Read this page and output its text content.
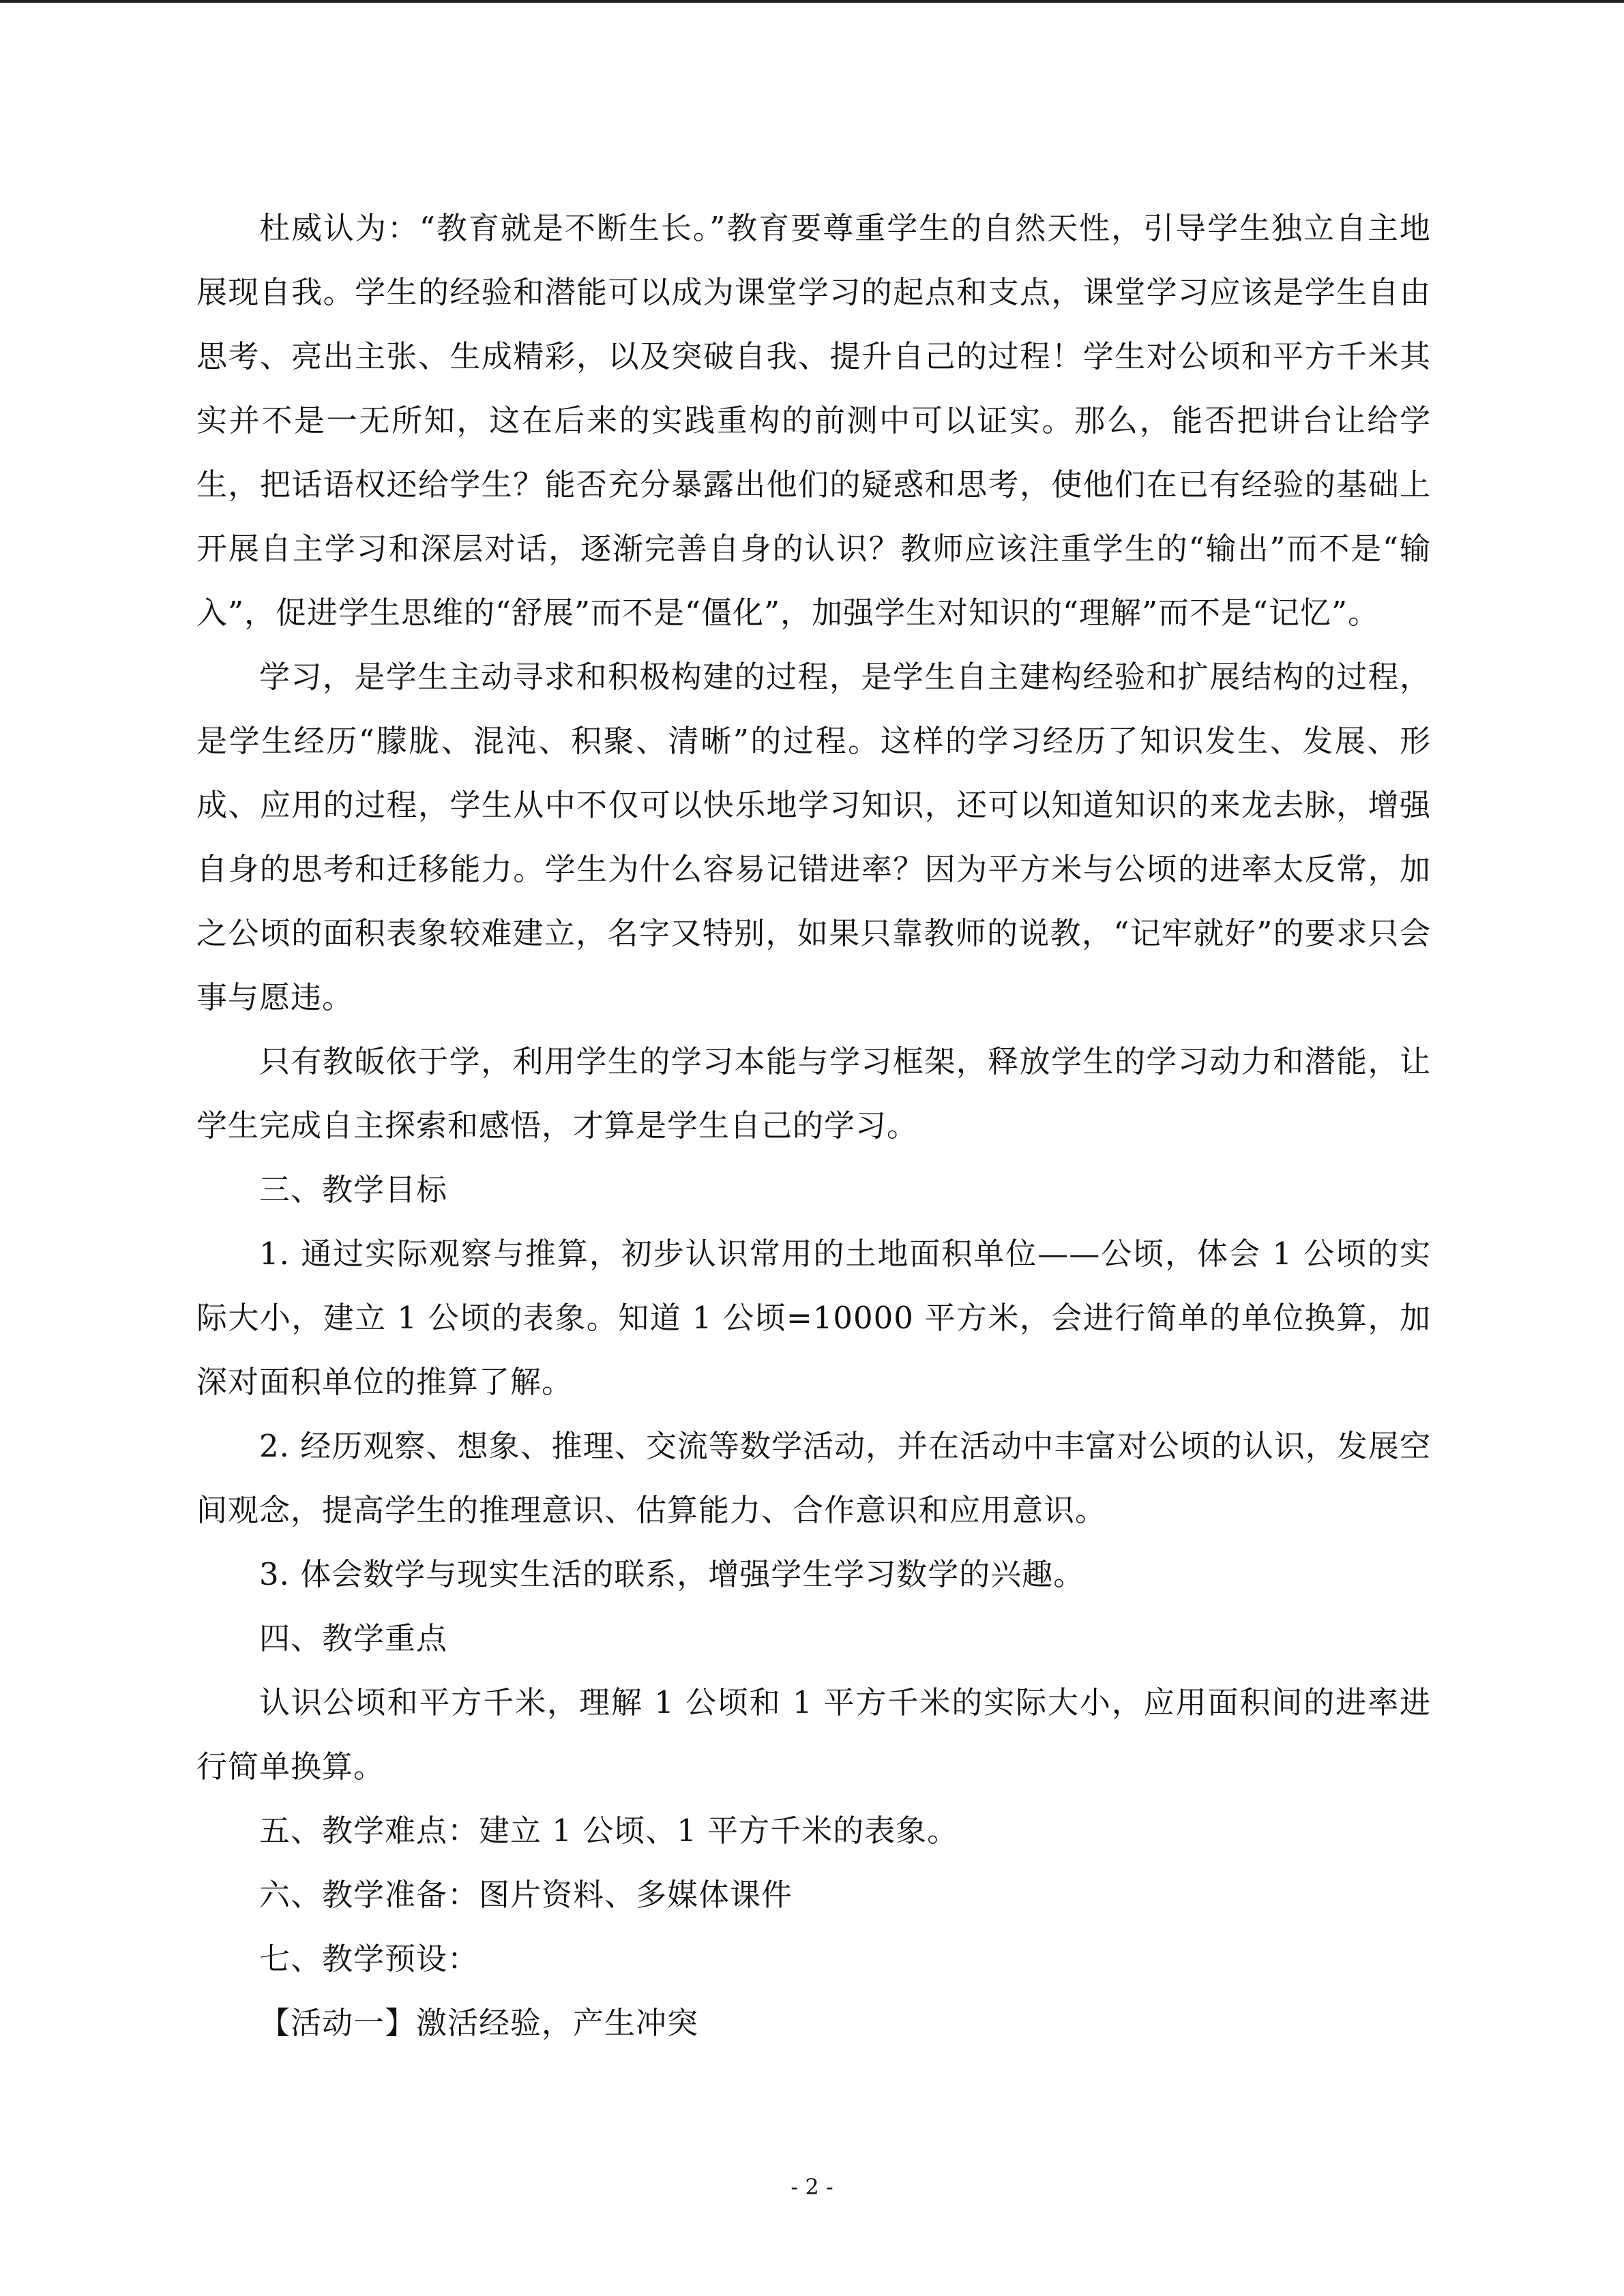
杜威认为：“教育就是不断生长。”教育要尊重学生的自然天性，引导学生独立自主地展现自我。学生的经验和潜能可以成为课堂学习的起点和支点，课堂学习应该是学生自由思考、亮出主张、生成精彩，以及突破自我、提升自己的过程！学生对公顷和平方千米其实并不是一无所知，这在后来的实践重构的前测中可以证实。那么，能否把讲台让给学生，把话语权还给学生？能否充分暴露出他们的疑惑和思考，使他们在已有经验的基础上开展自主学习和深层对话，逐渐完善自身的认识？教师应该注重学生的“输出”而不是“输入”，促进学生思维的“舒展”而不是“僵化”，加强学生对知识的“理解”而不是“记忆”。

学习，是学生主动寻求和积极构建的过程，是学生自主建构经验和扩展结构的过程，是学生经历“朦胧、混沌、积聚、清晰”的过程。这样的学习经历了知识发生、发展、形成、应用的过程，学生从中不仅可以快乐地学习知识，还可以知道知识的来龙去脉，增强自身的思考和迁移能力。学生为什么容易记错进率？因为平方米与公顷的进率太反常，加之公顷的面积表象较难建立，名字又特别，如果只靠教师的说教，“记牢就好”的要求只会事与愿违。

只有教皈依于学，利用学生的学习本能与学习框架，释放学生的学习动力和潜能，让学生完成自主探索和感悟，才算是学生自己的学习。

三、教学目标

1. 通过实际观察与推算，初步认识常用的土地面积单位——公顷，体会 1 公顷的实际大小，建立 1 公顷的表象。知道 1 公顷=10000 平方米，会进行简单的单位换算，加深对面积单位的推算了解。

2. 经历观察、想象、推理、交流等数学活动，并在活动中丰富对公顷的认识，发展空间观念，提高学生的推理意识、估算能力、合作意识和应用意识。

3. 体会数学与现实生活的联系，增强学生学习数学的兴趣。

四、教学重点

认识公顷和平方千米，理解 1 公顷和 1 平方千米的实际大小，应用面积间的进率进行简单换算。

五、教学难点：建立 1 公顷、1 平方千米的表象。

六、教学准备：图片资料、多媒体课件

七、教学预设：

【活动一】激活经验，产生冲突

- 2 -
